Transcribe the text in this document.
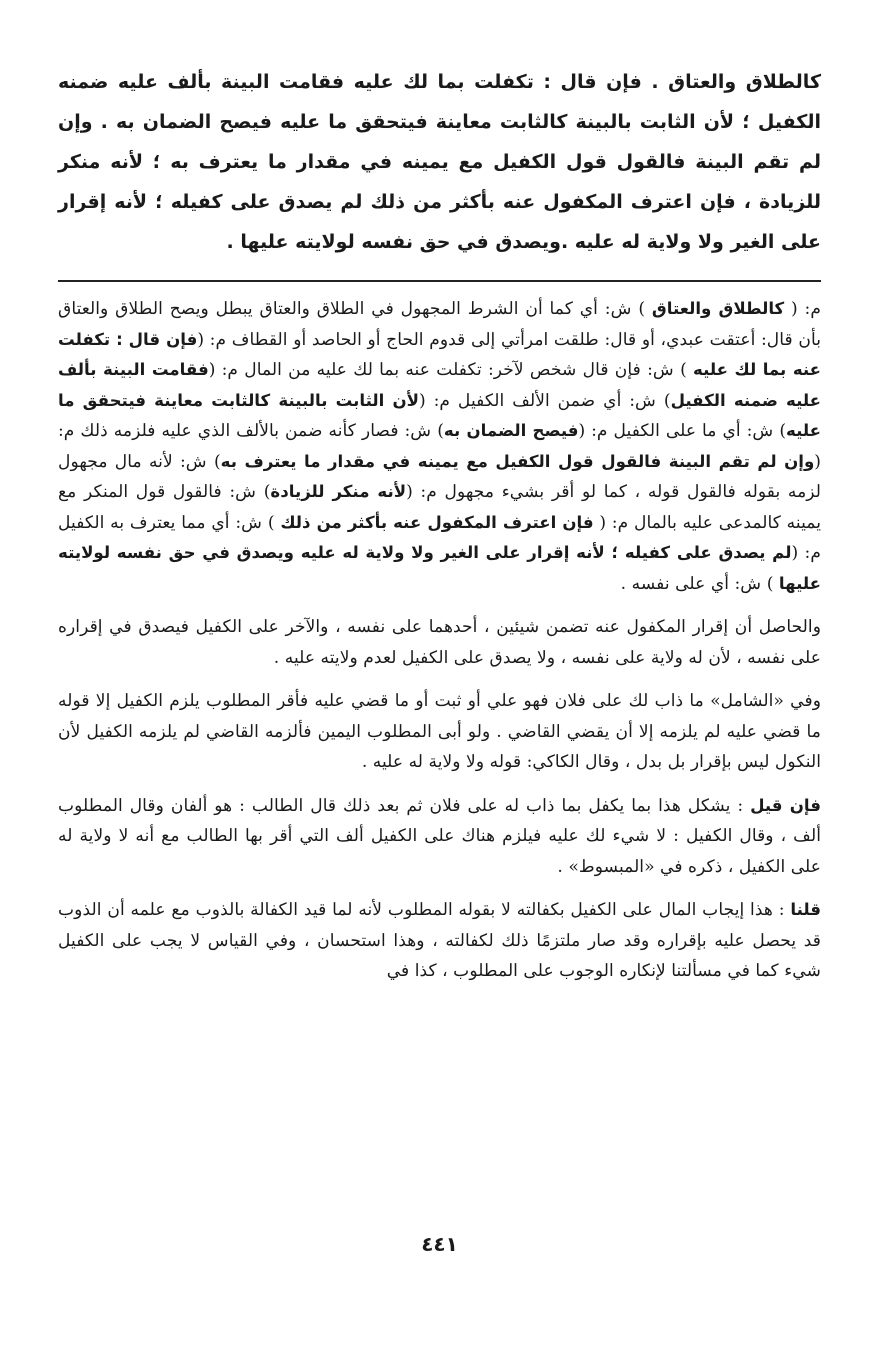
كالطلاق والعتاق . فإن قال : تكفلت بما لك عليه فقامت البينة بألف عليه ضمنه الكفيل ؛ لأن الثابت بالبينة كالثابت معاينة فيتحقق ما عليه فيصح الضمان به . وإن لم تقم البينة فالقول قول الكفيل مع يمينه في مقدار ما يعترف به ؛ لأنه منكر للزيادة ، فإن اعترف المكفول عنه بأكثر من ذلك لم يصدق على كفيله ؛ لأنه إقرار على الغير ولا ولاية له عليه .ويصدق في حق نفسه لولايته عليها .

م: ( كالطلاق والعتاق ) ش: أي كما أن الشرط المجهول في الطلاق والعتاق يبطل ويصح الطلاق والعتاق بأن قال: أعتقت عبدي، أو قال: طلقت امرأتي إلى قدوم الحاج أو الحاصد أو القطاف م: (فإن قال : تكفلت عنه بما لك عليه ) ش: فإن قال شخص لآخر: تكفلت عنه بما لك عليه من المال م: (فقامت البينة بألف عليه ضمنه الكفيل) ش: أي ضمن الألف الكفيل م: (لأن الثابت بالبينة كالثابت معاينة فيتحقق ما عليه) ش: أي ما على الكفيل م: (فيصح الضمان به) ش: فصار كأنه ضمن بالألف الذي عليه فلزمه ذلك م: (وإن لم تقم البينة فالقول قول الكفيل مع يمينه في مقدار ما يعترف به) ش: لأنه مال مجهول لزمه بقوله فالقول قوله ، كما لو أقر بشيء مجهول م: (لأنه منكر للزيادة) ش: فالقول قول المنكر مع يمينه كالمدعى عليه بالمال م: ( فإن اعترف المكفول عنه بأكثر من ذلك ) ش: أي مما يعترف به الكفيل م: (لم يصدق على كفيله ؛ لأنه إقرار على الغير ولا ولاية له عليه ويصدق في حق نفسه لولايته عليها ) ش: أي على نفسه .

والحاصل أن إقرار المكفول عنه تضمن شيئين ، أحدهما على نفسه ، والآخر على الكفيل فيصدق في إقراره على نفسه ، لأن له ولاية على نفسه ، ولا يصدق على الكفيل لعدم ولايته عليه .

وفي «الشامل» ما ذاب لك على فلان فهو علي أو ثبت أو ما قضي عليه فأقر المطلوب يلزم الكفيل إلا قوله ما قضي عليه لم يلزمه إلا أن يقضي القاضي . ولو أبى المطلوب اليمين فألزمه القاضي لم يلزمه الكفيل لأن النكول ليس بإقرار بل بدل ، وقال الكاكي: قوله ولا ولاية له عليه .

فإن قيل : يشكل هذا بما يكفل بما ذاب له على فلان ثم بعد ذلك قال الطالب : هو ألفان وقال المطلوب ألف ، وقال الكفيل : لا شيء لك عليه فيلزم هناك على الكفيل ألف التي أقر بها الطالب مع أنه لا ولاية له على الكفيل ، ذكره في «المبسوط» .

قلنا : هذا إيجاب المال على الكفيل بكفالته لا بقوله المطلوب لأنه لما قيد الكفالة بالذوب مع علمه أن الذوب قد يحصل عليه بإقراره وقد صار ملتزمًا ذلك لكفالته ، وهذا استحسان ، وفي القياس لا يجب على الكفيل شيء كما في مسألتنا لإنكاره الوجوب على المطلوب ، كذا في

٤٤١
